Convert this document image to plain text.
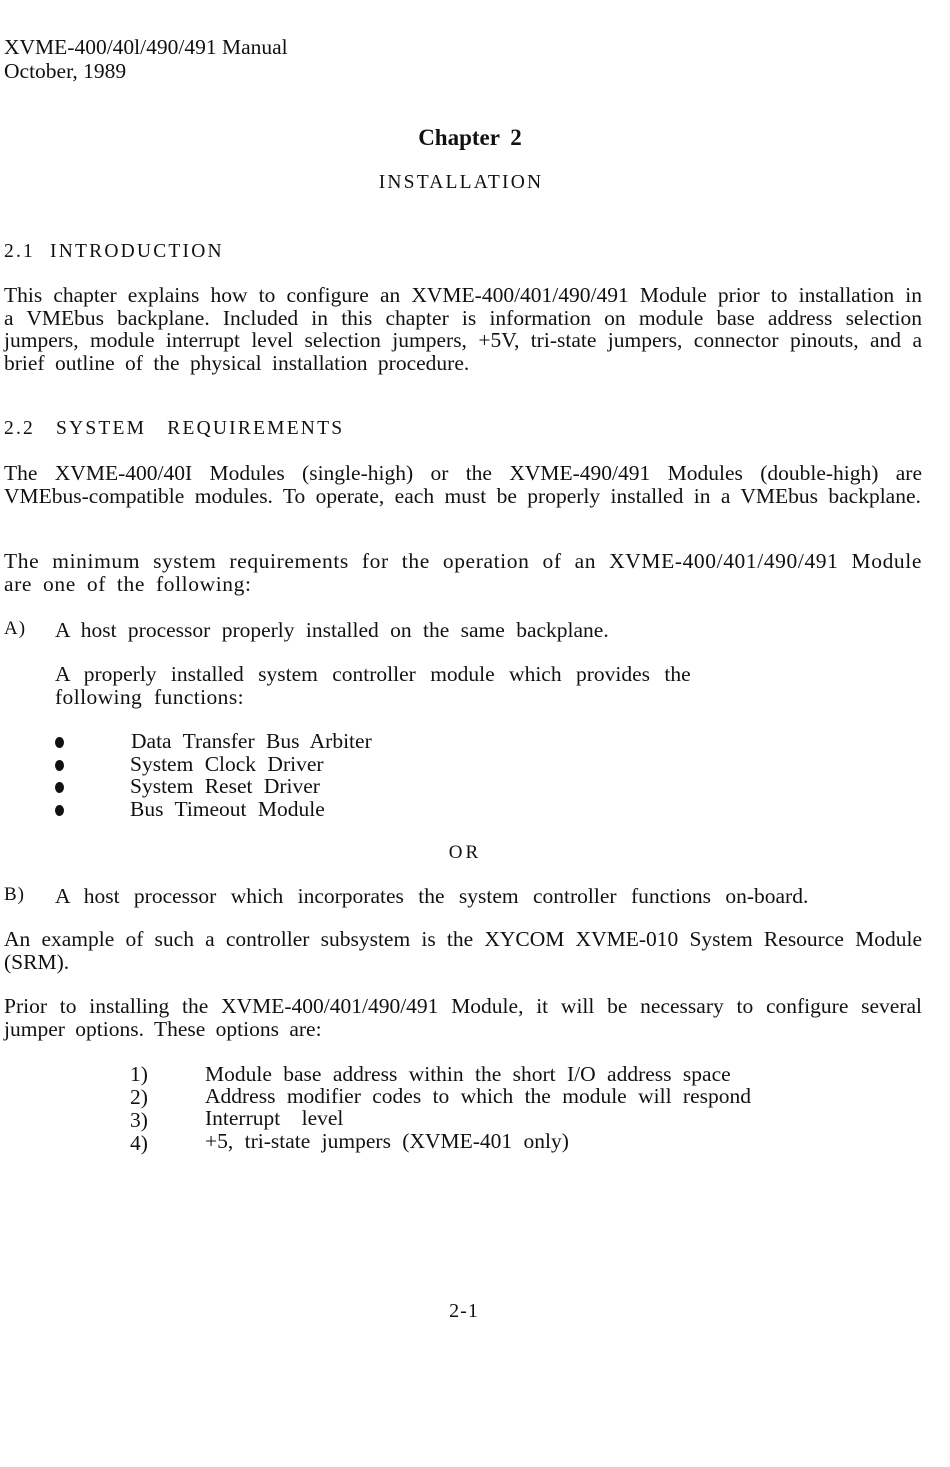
XVME-400/40l/490/491 Manual
October, 1989
Chapter 2
INSTALLATION
2.1 INTRODUCTION
This chapter explains how to configure an XVME-400/401/490/491 Module prior to installation in a VMEbus backplane. Included in this chapter is information on module base address selection jumpers, module interrupt level selection jumpers, +5V, tri-state jumpers, connector pinouts, and a brief outline of the physical installation procedure.
2.2 SYSTEM REQUIREMENTS
The XVME-400/40I Modules (single-high) or the XVME-490/491 Modules (double-high) are VMEbus-compatible modules. To operate, each must be properly installed in a VMEbus backplane.
The minimum system requirements for the operation of an XVME-400/401/490/491 Module are one of the following:
A) A host processor properly installed on the same backplane.
A properly installed system controller module which provides the
following functions:
Data Transfer Bus Arbiter
System Clock Driver
System Reset Driver
Bus Timeout Module
OR
B) A host processor which incorporates the system controller functions on-board.
An example of such a controller subsystem is the XYCOM XVME-010 System Resource Module (SRM).
Prior to installing the XVME-400/401/490/491 Module, it will be necessary to configure several jumper options. These options are:
1)	Module base address within the short I/O address space
2)	Address modifier codes to which the module will respond
3)	Interrupt level
4)	+5, tri-state jumpers (XVME-401 only)
2-1
